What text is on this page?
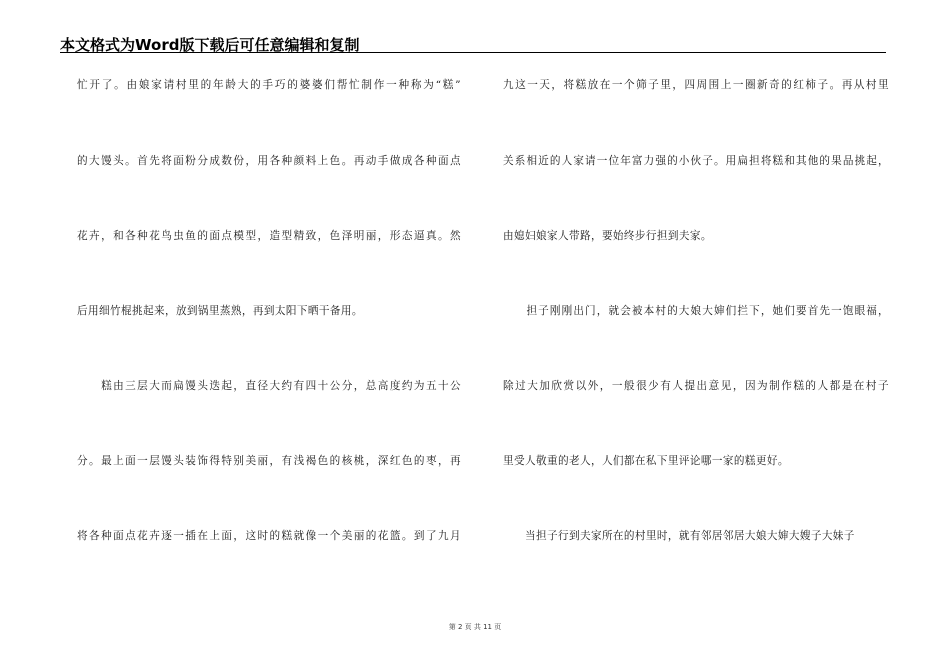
本文格式为Word版下载后可任意编辑和复制
忙开了。由娘家请村里的年龄大的手巧的婆婆们帮忙制作一种称为“糕”
的大馒头。首先将面粉分成数份，用各种颜料上色。再动手做成各种面点
花卉，和各种花鸟虫鱼的面点模型，造型精致，色泽明丽，形态逼真。然
后用细竹棍挑起来，放到锅里蒸熟，再到太阳下晒干备用。
　　糕由三层大而扁馒头迭起，直径大约有四十公分，总高度约为五十公
分。最上面一层馒头装饰得特别美丽，有浅褐色的核桃，深红色的枣，再
将各种面点花卉逐一插在上面，这时的糕就像一个美丽的花篮。到了九月
九这一天，将糕放在一个筛子里，四周围上一圈新奇的红柿子。再从村里
关系相近的人家请一位年富力强的小伙子。用扁担将糕和其他的果品挑起，
由媳妇娘家人带路，要始终步行担到夫家。
　　担子刚刚出门，就会被本村的大娘大婶们拦下，她们要首先一饱眼福，
除过大加欣赏以外，一般很少有人提出意见，因为制作糕的人都是在村子
里受人敬重的老人，人们都在私下里评论哪一家的糕更好。
　　当担子行到夫家所在的村里时，就有邻居邻居大娘大婶大嫂子大妹子
第 2 页 共 11 页
